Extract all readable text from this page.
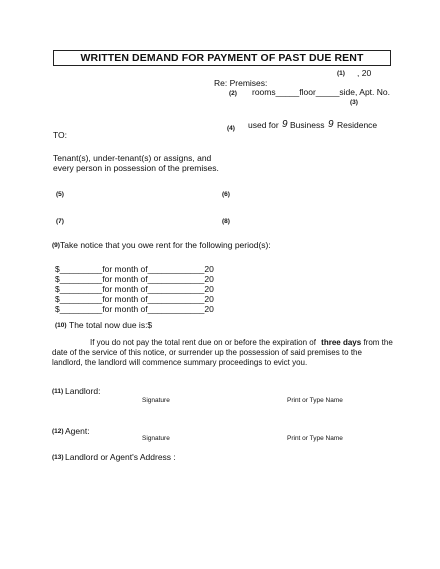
WRITTEN DEMAND FOR PAYMENT OF PAST DUE RENT
(1) , 20
Re: Premises:
(2) rooms_____floor_____side, Apt. No.
(3)
(4) used for 9 Business 9 Residence
TO:
Tenant(s), under-tenant(s) or assigns, and
every person in possession of the premises.
(5)	(6)
(7)	(8)
(9) Take notice that you owe rent for the following period(s):
$_________for month of____________20
$_________for month of____________20
$_________for month of____________20
$_________for month of____________20
$_________for month of____________20
(10) The total now due is:$
If you do not pay the total rent due on or before the expiration of three days from the
date of the service of this notice, or surrender up the possession of said premises to the
landlord, the landlord will commence summary proceedings to evict you.
(11) Landlord:
Signature	Print or Type Name
(12) Agent:
Signature	Print or Type Name
(13) Landlord or Agent's Address :
